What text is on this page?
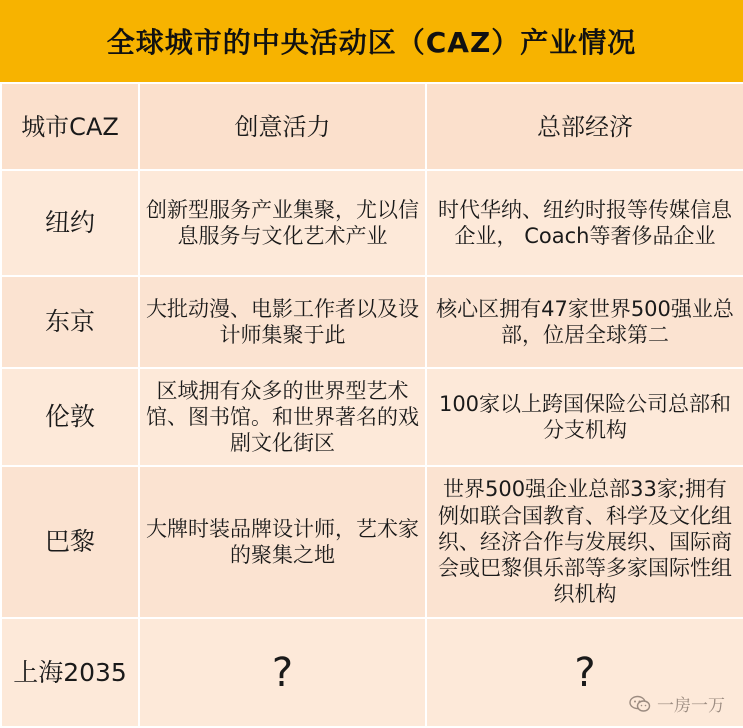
全球城市的中央活动区（CAZ）产业情况
城市CAZ	创意活力	总部经济
纽约	创新型服务产业集聚，尤以信息服务与文化艺术产业	时代华纳、纽约时报等传媒信息企业， Coach等奢侈品企业
东京	大批动漫、电影工作者以及设计师集聚于此	核心区拥有47家世界500强业总部，位居全球第二
伦敦	区域拥有众多的世界型艺术馆、图书馆。和世界著名的戏剧文化街区	100家以上跨国保险公司总部和分支机构
巴黎	大牌时装品牌设计师，艺术家的聚集之地	世界500强企业总部33家;拥有例如联合国教育、科学及文化组织、经济合作与发展织、国际商会或巴黎俱乐部等多家国际性组织机构
上海2035	?	?
一房一万
